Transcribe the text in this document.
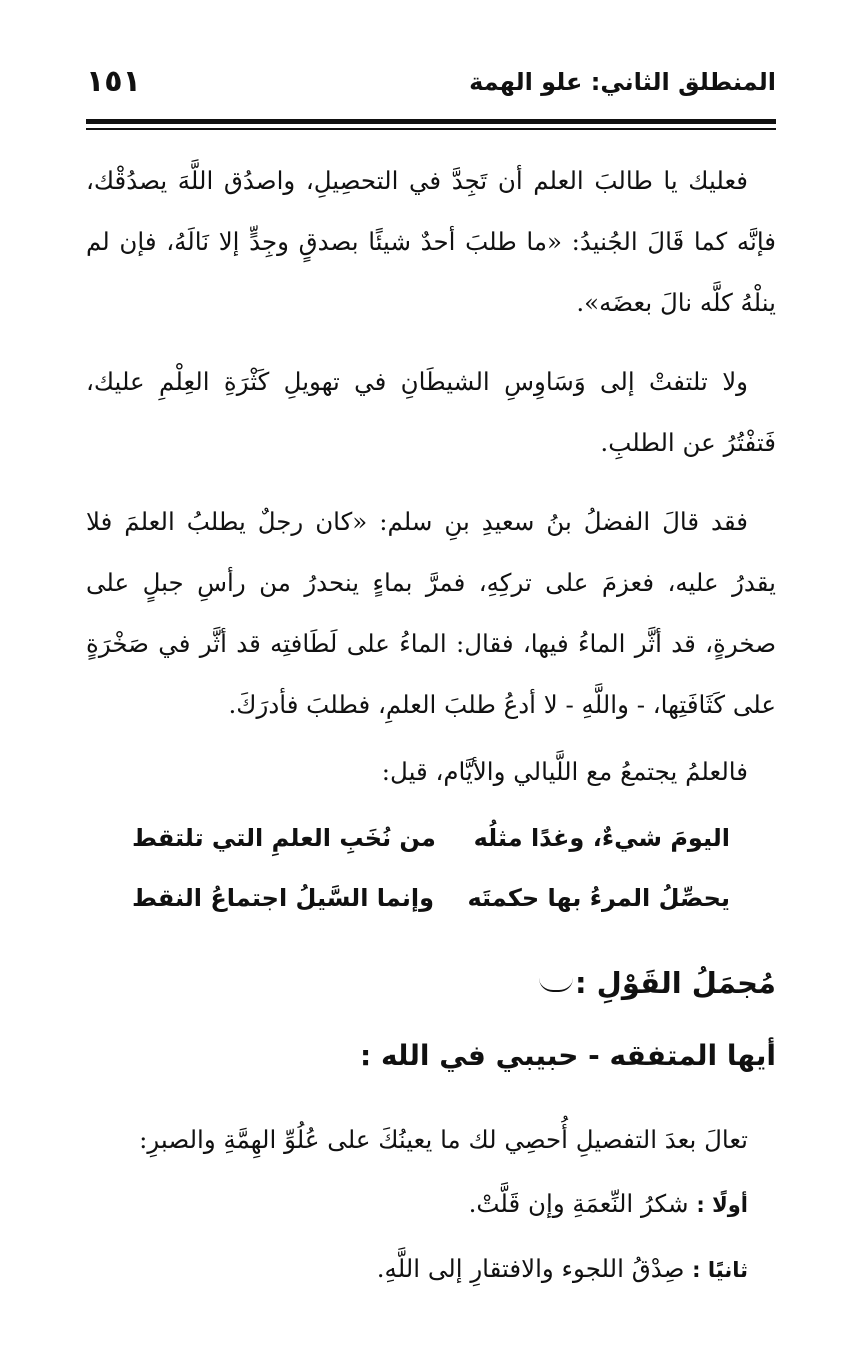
١٥١	المنطلق الثاني: علو الهمة

فعليك يا طالبَ العلم أن تَجِدَّ في التحصِيلِ، واصدُق اللَّهَ يصدُقْك، فإنَّه كما قَالَ الجُنيدُ: «ما طلبَ أحدٌ شيئًا بصدقٍ وجِدٍّ إلا نَالَهُ، فإن لم ينلْهُ كلَّه نالَ بعضَه».

ولا تلتفتْ إلى وَسَاوِسِ الشيطَانِ في تهويلِ كَثْرَةِ العِلْمِ عليك، فَتفْتُرُ عن الطلبِ.

فقد قالَ الفضلُ بنُ سعيدِ بنِ سلم: «كان رجلٌ يطلبُ العلمَ فلا يقدرُ عليه، فعزمَ على تركِهِ، فمرَّ بماءٍ ينحدرُ من رأسِ جبلٍ على صخرةٍ، قد أثَّر الماءُ فيها، فقال: الماءُ على لَطَافتِه قد أثَّر في صَخْرَةٍ على كَثَافَتِها، - واللَّهِ - لا أدعُ طلبَ العلمِ، فطلبَ فأدرَكَ.

فالعلمُ يجتمعُ مع اللَّيالي والأيَّام، قيل:

اليومَ شيءٌ، وغدًا مثلُه
من نُخَبِ العلمِ التي تلتقط
يحصِّلُ المرءُ بها حكمتَه
وإنما السَّيلُ اجتماعُ النقط
مُجمَلُ القَوْلِ :
أيها المتفقه - حبيبي في الله :
تعالَ بعدَ التفصيلِ أُحصِي لك ما يعينُكَ على عُلُوِّ الهِمَّةِ والصبرِ:
أولًا : شكرُ النِّعمَةِ وإن قَلَّتْ.
ثانيًا : صِدْقُ اللجوء والافتقارِ إلى اللَّهِ.
